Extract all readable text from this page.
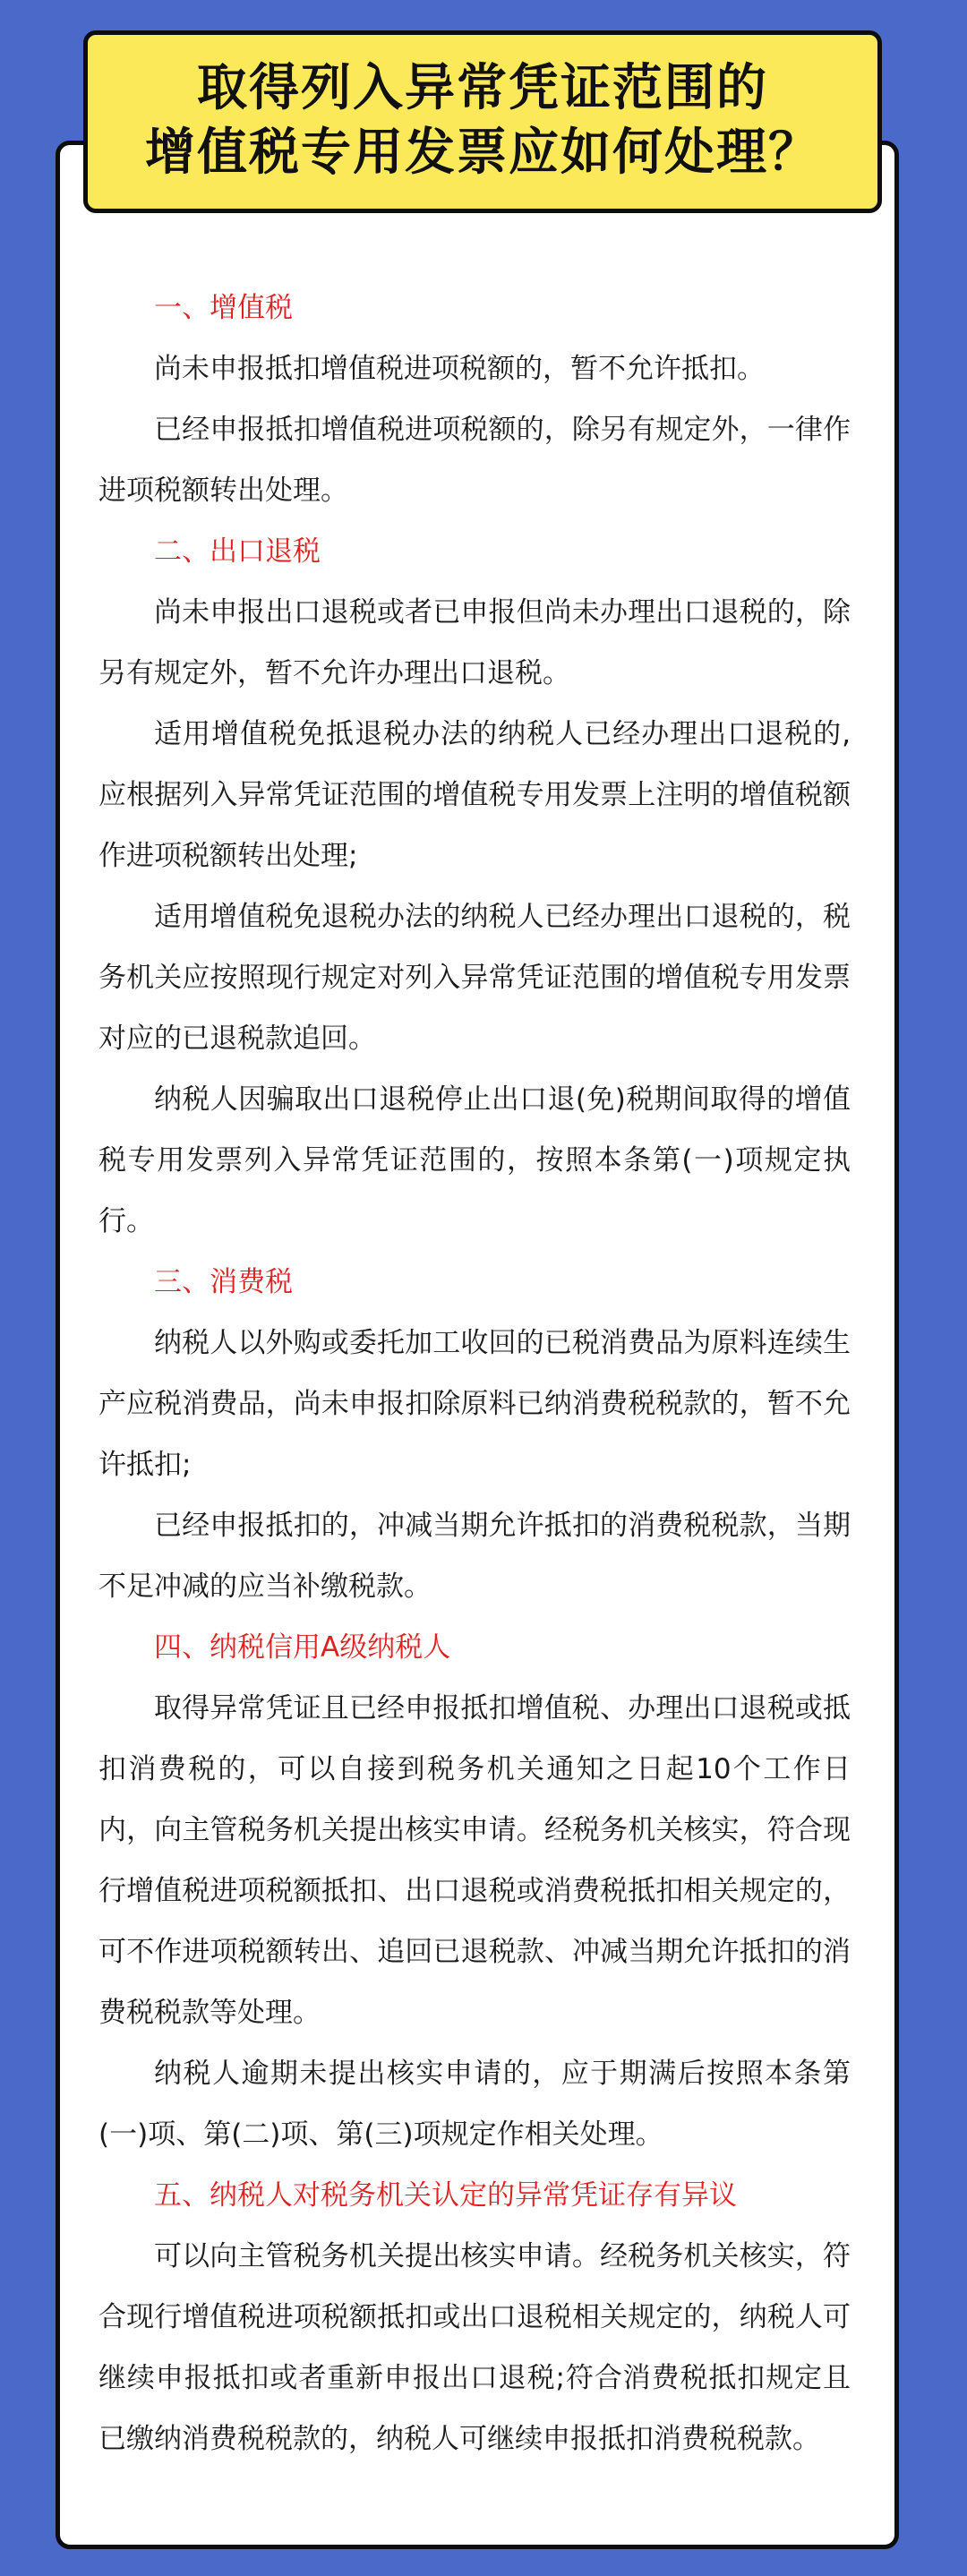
取得列入异常凭证范围的
增值税专用发票应如何处理？
一、增值税

尚未申报抵扣增值税进项税额的，暂不允许抵扣。

已经申报抵扣增值税进项税额的，除另有规定外，一律作进项税额转出处理。

二、出口退税

尚未申报出口退税或者已申报但尚未办理出口退税的，除另有规定外，暂不允许办理出口退税。

适用增值税免抵退税办法的纳税人已经办理出口退税的,应根据列入异常凭证范围的增值税专用发票上注明的增值税额作进项税额转出处理;

适用增值税免退税办法的纳税人已经办理出口退税的，税务机关应按照现行规定对列入异常凭证范围的增值税专用发票对应的已退税款追回。

纳税人因骗取出口退税停止出口退(免)税期间取得的增值税专用发票列入异常凭证范围的，按照本条第(一)项规定执行。

三、消费税

纳税人以外购或委托加工收回的已税消费品为原料连续生产应税消费品，尚未申报扣除原料已纳消费税税款的，暂不允许抵扣;

已经申报抵扣的，冲减当期允许抵扣的消费税税款，当期不足冲减的应当补缴税款。

四、纳税信用A级纳税人

取得异常凭证且已经申报抵扣增值税、办理出口退税或抵扣消费税的，可以自接到税务机关通知之日起10个工作日内，向主管税务机关提出核实申请。经税务机关核实，符合现行增值税进项税额抵扣、出口退税或消费税抵扣相关规定的，可不作进项税额转出、追回已退税款、冲减当期允许抵扣的消费税税款等处理。

纳税人逾期未提出核实申请的，应于期满后按照本条第(一)项、第(二)项、第(三)项规定作相关处理。

五、纳税人对税务机关认定的异常凭证存有异议

可以向主管税务机关提出核实申请。经税务机关核实，符合现行增值税进项税额抵扣或出口退税相关规定的，纳税人可继续申报抵扣或者重新申报出口退税;符合消费税抵扣规定且已缴纳消费税税款的，纳税人可继续申报抵扣消费税税款。
